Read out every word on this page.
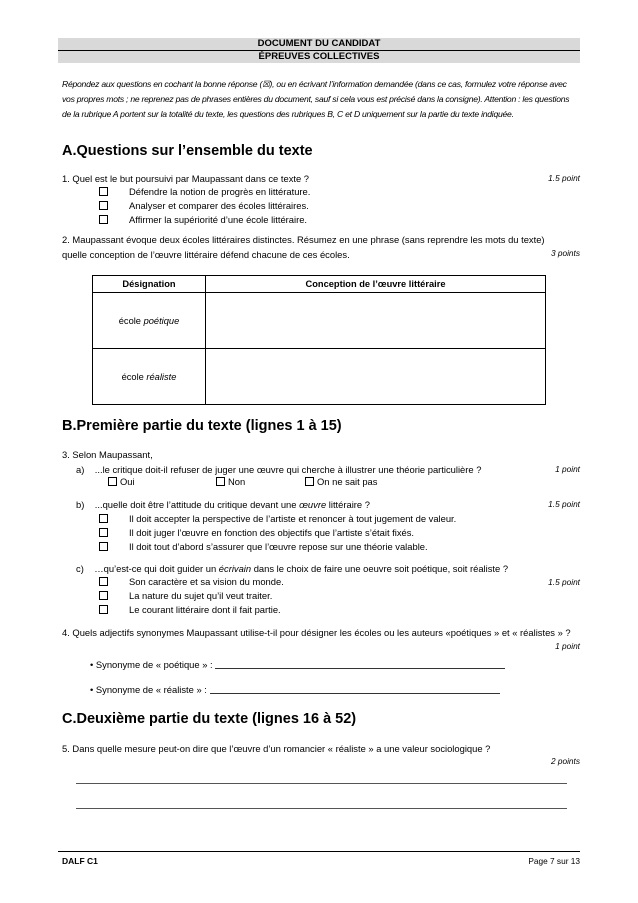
DOCUMENT DU CANDIDAT
ÉPREUVES COLLECTIVES
Répondez aux questions en cochant la bonne réponse (☒), ou en écrivant l’information demandée (dans ce cas, formulez votre réponse avec vos propres mots ; ne reprenez pas de phrases entières du document, sauf si cela vous est précisé dans la consigne). Attention : les questions de la rubrique A portent sur la totalité du texte, les questions des rubriques B, C et D uniquement sur la partie du texte indiquée.
A.Questions sur l’ensemble du texte
1. Quel est le but poursuivi par Maupassant dans ce texte ?	1.5 point
Défendre la notion de progrès en littérature.
Analyser et comparer des écoles littéraires.
Affirmer la supériorité d’une école littéraire.
2. Maupassant évoque deux écoles littéraires distinctes. Résumez en une phrase (sans reprendre les mots du texte) quelle conception de l’œuvre littéraire défend chacune de ces écoles.	3 points
Désignation	Conception de l’œuvre littéraire
école poétique	
école réaliste	
B.Première partie du texte (lignes 1 à 15)
3. Selon Maupassant,
a) ...le critique doit-il refuser de juger une œuvre qui cherche à illustrer une théorie particulière ?	1 point
Oui	Non	On ne sait pas
b) ...quelle doit être l’attitude du critique devant une œuvre littéraire ?	1.5 point
Il doit accepter la perspective de l’artiste et renoncer à tout jugement de valeur.
Il doit juger l’œuvre en fonction des objectifs que l’artiste s’était fixés.
Il doit tout d’abord s’assurer que l’œuvre repose sur une théorie valable.
c) …qu’est-ce qui doit guider un écrivain dans le choix de faire une oeuvre soit poétique, soit réaliste ?
1.5 point
Son caractère et sa vision du monde.
La nature du sujet qu’il veut traiter.
Le courant littéraire dont il fait partie.
4. Quels adjectifs synonymes Maupassant utilise-t-il pour désigner les écoles ou les auteurs «poétiques » et « réalistes » ?
1 point
• Synonyme de « poétique » :
• Synonyme de « réaliste » :
C.Deuxième partie du texte (lignes 16 à 52)
5. Dans quelle mesure peut-on dire que l’œuvre d’un romancier « réaliste » a une valeur sociologique ?
2 points
DALF C1	Page 7 sur 13
